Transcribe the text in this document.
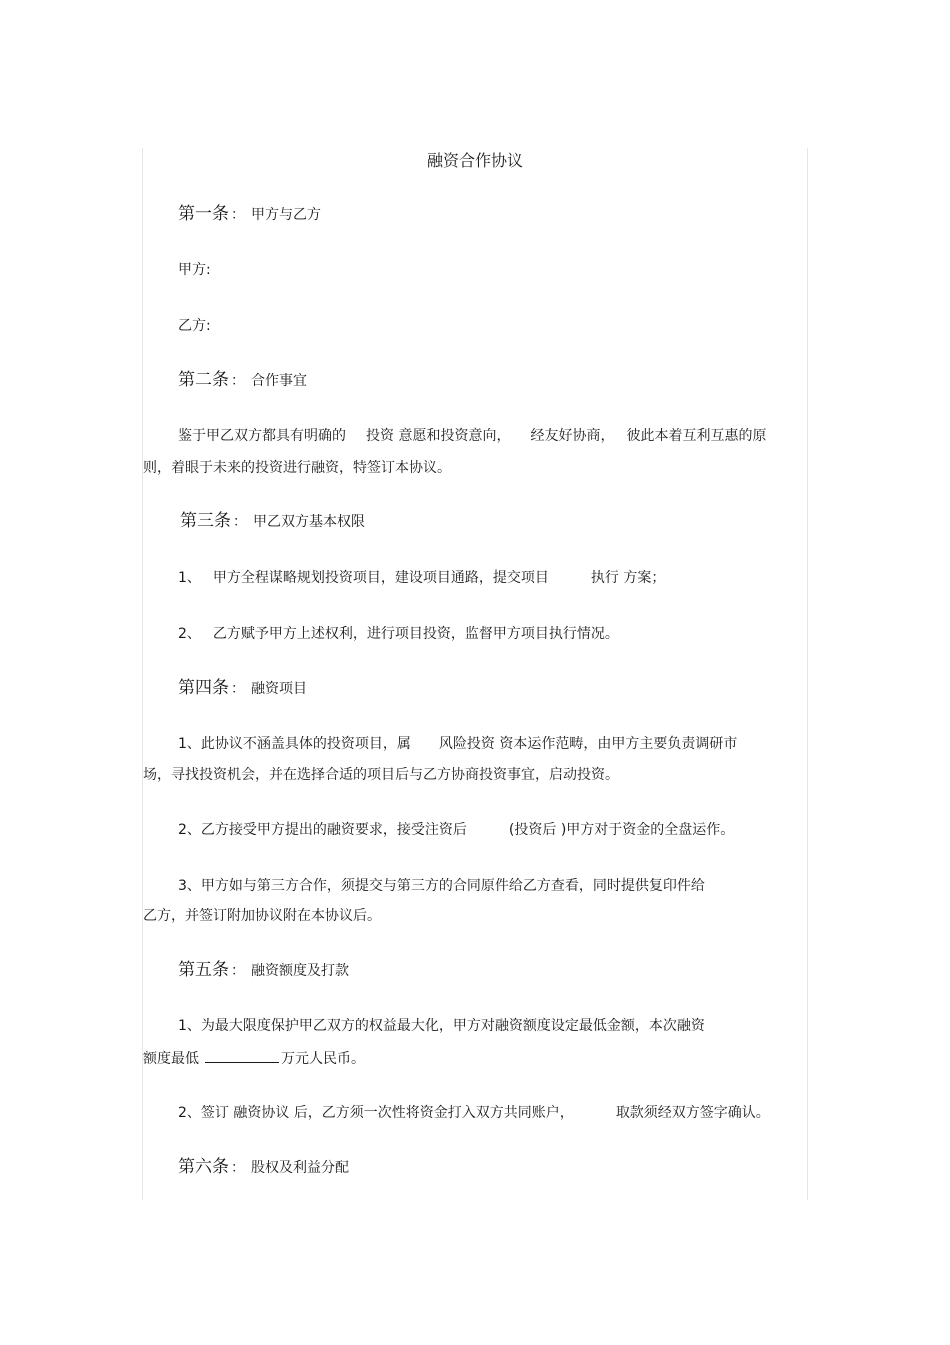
融资合作协议
第一条 ： 甲方与乙方
甲方:
乙方:
第二条 ： 合作事宜
鉴于甲乙双方都具有明确的 投资 意愿和投资意向， 经友好协商， 彼此本着互利互惠的原
则，着眼于未来的投资进行融资，特签订本协议。
第三条 ： 甲乙双方基本权限
1、 甲方全程谋略规划投资项目，建设项目通路，提交项目	执行 方案；
2、 乙方赋予甲方上述权利，进行项目投资，监督甲方项目执行情况。
第四条 ： 融资项目
1、此协议不涵盖具体的投资项目，属 风险投资 资本运作范畴，由甲方主要负责调研市
场，寻找投资机会，并在选择合适的项目后与乙方协商投资事宜，启动投资。
2、乙方接受甲方提出的融资要求，接受注资后	(投资后 )甲方对于资金的全盘运作。
3、甲方如与第三方合作，须提交与第三方的合同原件给乙方查看，同时提供复印件给
乙方，并签订附加协议附在本协议后。
第五条 ： 融资额度及打款
1、为最大限度保护甲乙双方的权益最大化，甲方对融资额度设定最低金额，本次融资
额度最低	万元人民币。
2、签订 融资协议 后，乙方须一次性将资金打入双方共同账户，	取款须经双方签字确认。
第六条 ： 股权及利益分配
